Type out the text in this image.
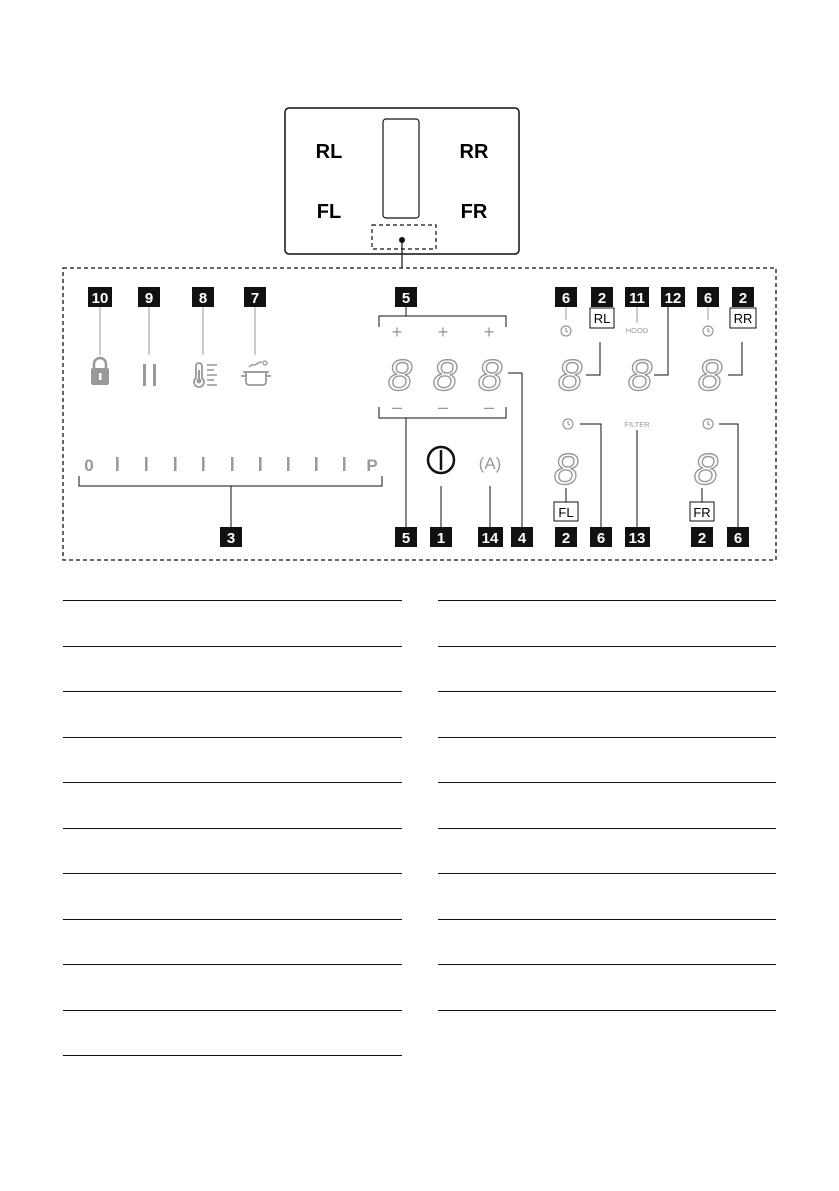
RL	RR
FL	FR
10 9	8	7	5	6 2 11 12 6 2
RL	RR
+ + +
– – –
8 8 8 8 8 8
8	8
HOOD
FILTER
FL	FR
0	P	(A)
3	5 1 14 4 2 6 13	2 6
